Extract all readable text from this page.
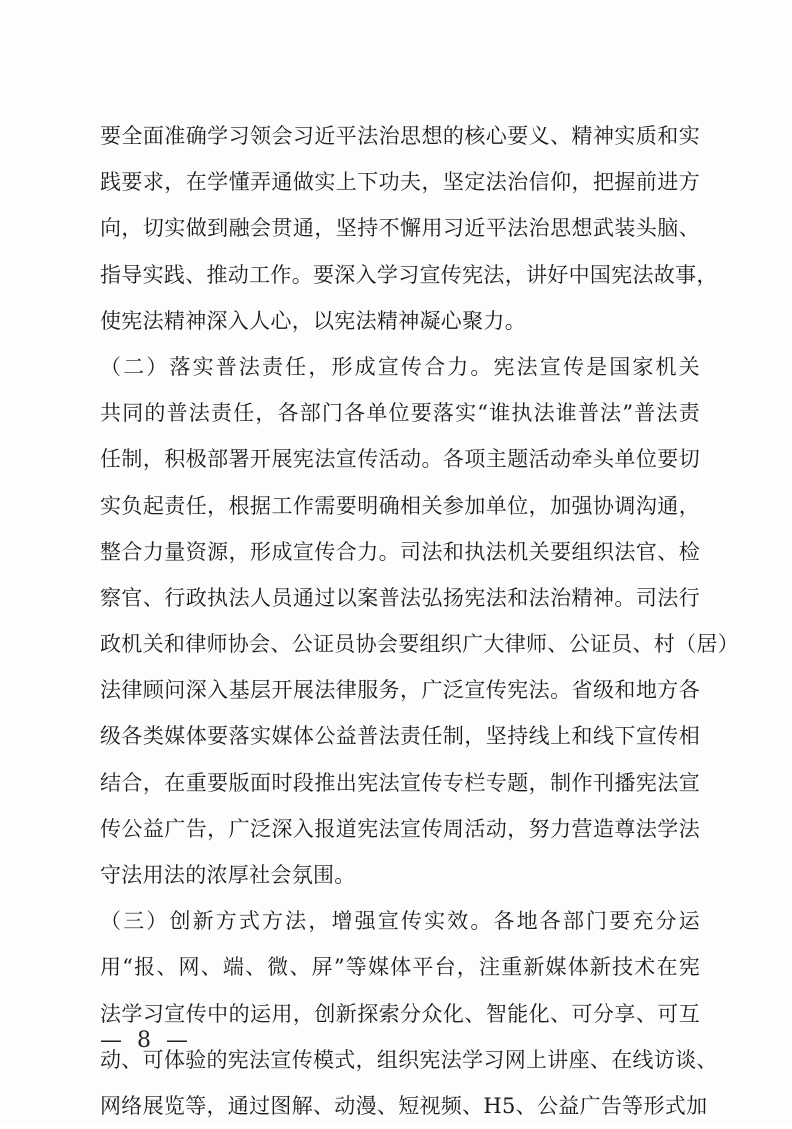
要全面准确学习领会习近平法治思想的核心要义、精神实质和实
践要求，在学懂弄通做实上下功夫，坚定法治信仰，把握前进方
向，切实做到融会贯通，坚持不懈用习近平法治思想武装头脑、
指导实践、推动工作。要深入学习宣传宪法，讲好中国宪法故事，
使宪法精神深入人心，以宪法精神凝心聚力。
（二）落实普法责任，形成宣传合力。宪法宣传是国家机关
共同的普法责任，各部门各单位要落实“谁执法谁普法”普法责
任制，积极部署开展宪法宣传活动。各项主题活动牵头单位要切
实负起责任，根据工作需要明确相关参加单位，加强协调沟通，
整合力量资源，形成宣传合力。司法和执法机关要组织法官、检
察官、行政执法人员通过以案普法弘扬宪法和法治精神。司法行
政机关和律师协会、公证员协会要组织广大律师、公证员、村（居）
法律顾问深入基层开展法律服务，广泛宣传宪法。省级和地方各
级各类媒体要落实媒体公益普法责任制，坚持线上和线下宣传相
结合，在重要版面时段推出宪法宣传专栏专题，制作刊播宪法宣
传公益广告，广泛深入报道宪法宣传周活动，努力营造尊法学法
守法用法的浓厚社会氛围。
（三）创新方式方法，增强宣传实效。各地各部门要充分运
用“报、网、端、微、屏”等媒体平台，注重新媒体新技术在宪
法学习宣传中的运用，创新探索分众化、智能化、可分享、可互
动、可体验的宪法宣传模式，组织宪法学习网上讲座、在线访谈、
网络展览等，通过图解、动漫、短视频、H5、公益广告等形式加
— 8 —
